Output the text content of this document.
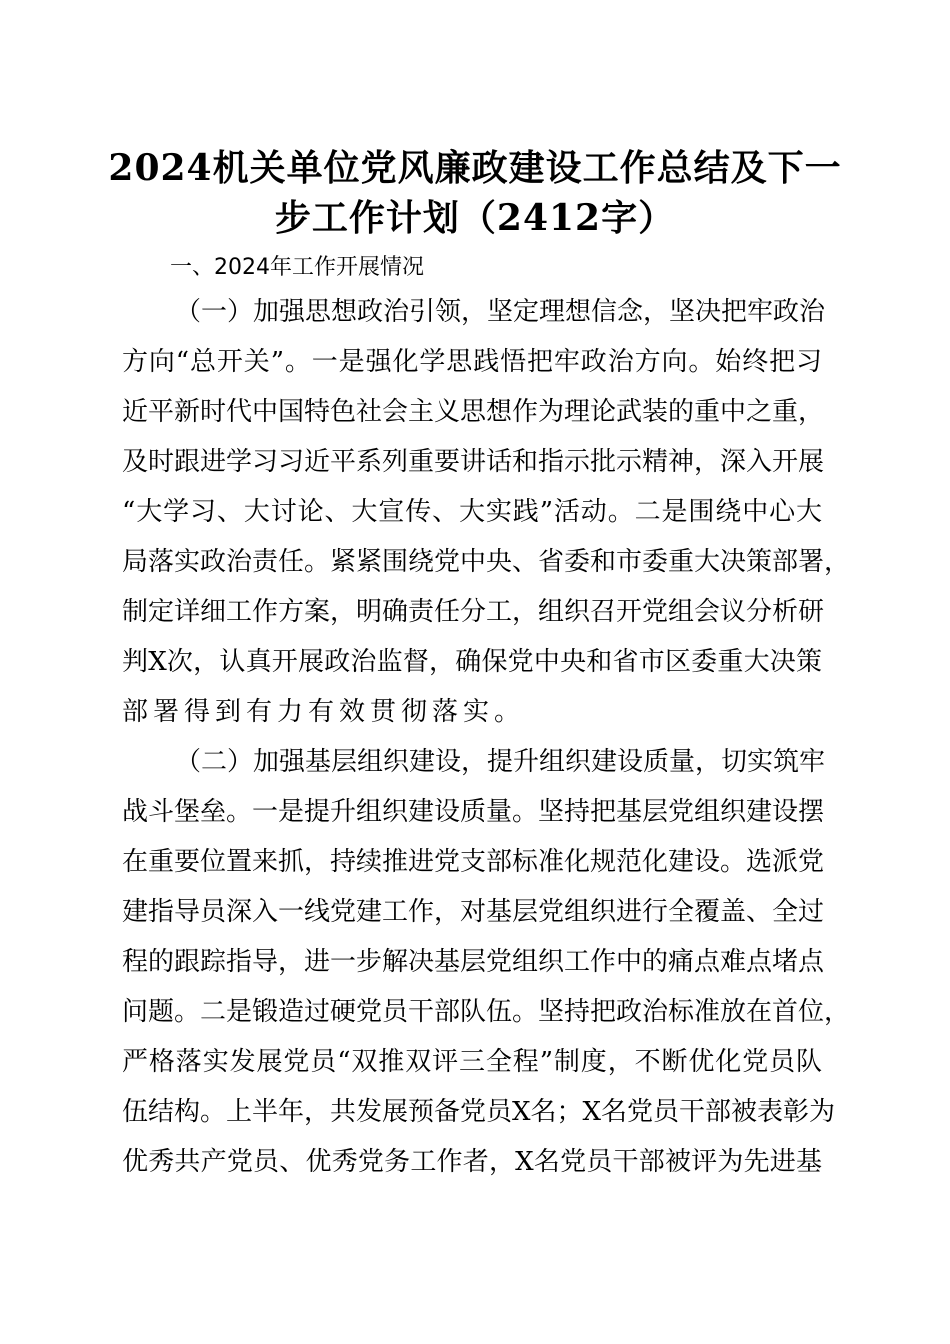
2024机关单位党风廉政建设工作总结及下一
步工作计划（2412字）
一、2024年工作开展情况
（一）加强思想政治引领，坚定理想信念，坚决把牢政治
方向“总开关”。一是强化学思践悟把牢政治方向。始终把习
近平新时代中国特色社会主义思想作为理论武装的重中之重，
及时跟进学习习近平系列重要讲话和指示批示精神，深入开展
“大学习、大讨论、大宣传、大实践”活动。二是围绕中心大
局落实政治责任。紧紧围绕党中央、省委和市委重大决策部署，
制定详细工作方案，明确责任分工，组织召开党组会议分析研
判X次，认真开展政治监督，确保党中央和省市区委重大决策
部署得到有力有效贯彻落实。
（二）加强基层组织建设，提升组织建设质量，切实筑牢
战斗堡垒。一是提升组织建设质量。坚持把基层党组织建设摆
在重要位置来抓，持续推进党支部标准化规范化建设。选派党
建指导员深入一线党建工作，对基层党组织进行全覆盖、全过
程的跟踪指导，进一步解决基层党组织工作中的痛点难点堵点
问题。二是锻造过硬党员干部队伍。坚持把政治标准放在首位，
严格落实发展党员“双推双评三全程”制度，不断优化党员队
伍结构。上半年，共发展预备党员X名；X名党员干部被表彰为
优秀共产党员、优秀党务工作者，X名党员干部被评为先进基
